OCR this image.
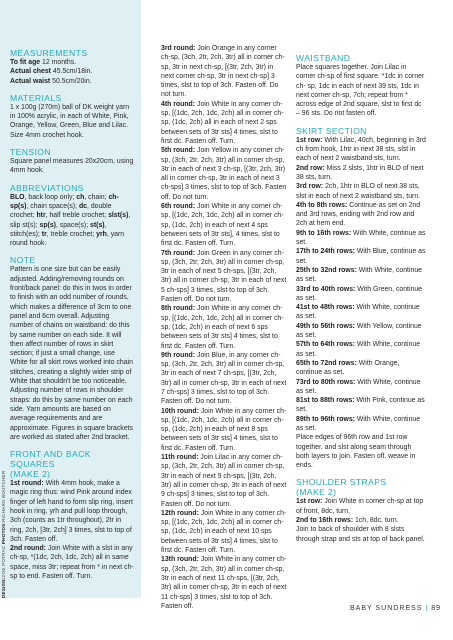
DESIGN:ZOE POTRAC PHOTOS:RICHARD BOUTCHER
MEASUREMENTS
To fit age 12 months.
Actual chest 45.5cm/18in.
Actual waist 50.5cm/20in.
MATERIALS
1 x 100g (270m) ball of DK weight yarn in 100% acrylic, in each of White, Pink, Orange, Yellow, Green, Blue and Lilac.
Size 4mm crochet hook.
TENSION
Square panel measures 20x20cm, using 4mm hook.
ABBREVIATIONS
BLO, back loop only; ch, chain; ch-sp(s), chain space(s); dc, double crochet; htr, half treble crochet; slst(s), slip st(s); sp(s), space(s); st(s), stitch(es); tr, treble crochet; yrh, yarn round hook.
NOTE
Pattern is one size but can be easily adjusted. Adding/removing rounds on front/back panel: do this in twos in order to finish with an odd number of rounds, which makes a difference of 3cm to one panel and 6cm overall. Adjusting number of chains on waistband: do this by same number on each side. It will then affect number of rows in skirt section; if just a small change, use White for all skirt rows worked into chain stitches, creating a slightly wider strip of White that shouldn't be too noticeable. Adjusting number of rows in shoulder straps: do this by same number on each side. Yarn amounts are based on average requirements and are approximate. Figures in square brackets are worked as stated after 2nd bracket.
FRONT AND BACK SQUARES
(MAKE 2)
1st round: With 4mm hook, make a magic ring thus: wind Pink around index finger of left hand to form slip ring, insert hook in ring, yrh and pull loop through, 3ch (counts as 1tr throughout), 2tr in ring, 2ch, [3tr, 2ch] 3 times, slst to top of 3ch. Fasten off.
2nd round: Join White with a slst in any ch-sp, *(1dc, 2ch, 1dc, 2ch) all in same space, miss 3tr; repeat from * in next ch-sp to end. Fasten off. Turn.
3rd round: Join Orange in any corner ch-sp, (3ch, 2tr, 2ch, 3tr) all in corner ch-sp, 3tr in next ch-sp, [(3tr, 2ch, 3tr) in next corner ch-sp, 3tr in next ch-sp] 3 times, slst to top of 3ch. Fasten off. Do not turn.
4th round: Join White in any corner ch-sp, [(1dc, 2ch, 1dc, 2ch) all in corner ch-sp, (1dc, 2ch) all in each of next 2 sps between sets of 3tr sts] 4 times, slst to first dc. Fasten off. Turn.
5th round: Join Yellow in any corner ch-sp, (3ch, 2tr, 2ch, 3tr) all in corner ch-sp, 3tr in each of next 3 ch-sp, [(3tr, 2ch, 3tr) all in corner ch-sp, 3tr in each of next 3 ch-sps] 3 times, slst to top of 3ch. Fasten off. Do not turn.
6th round: Join White in any corner ch-sp, [(1dc, 2ch, 1dc, 2ch) all in corner ch-sp, (1dc, 2ch) in each of next 4 sps between sets of 3tr sts], 4 times, slst to first dc. Fasten off. Turn.
7th round: Join Green in any corner ch-sp, (3ch, 2tr, 2ch, 3tr) all in corner ch-sp, 3tr in each of next 5 ch-sps, [(3tr, 2ch, 3tr) all in corner ch-sp, 3tr in each of next 5 ch-sps] 3 times, slst to top of 3ch. Fasten off. Do not turn.
8th round: Join White in any corner ch-sp, [(1dc, 2ch, 1dc, 2ch) all in corner ch-sp, (1dc, 2ch) in each of next 6 sps between sets of 3tr sts] 4 times, slst to first dc. Fasten off. Turn.
9th round: Join Blue, in any corner ch-sp, (3ch, 2tr, 2ch, 3tr) all in corner ch-sp, 3tr in each of next 7 ch-sps, [(3tr, 2ch, 3tr) all in corner ch-sp, 3tr in each of next 7 ch-sps] 3 times, slst to top of 3ch. Fasten off. Do not turn.
10th round: Join White in any corner ch-sp, [(1dc, 2ch, 1dc, 2ch) all in corner ch-sp, (1dc, 2ch) in each of next 8 sps between sets of 3tr sts] 4 times, slst to first dc. Fasten off. Turn.
11th round: Join Lilac in any corner ch-sp, (3ch, 2tr, 2ch, 3tr) all in corner ch-sp, 3tr in each of next 9 ch-sps, [(3tr, 2ch, 3tr) all in corner ch-sp, 3tr in each of next 9 ch-sps] 3 times, slst to top of 3ch. Fasten off. Do not turn.
12th round: Join White in any corner ch-sp, [(1dc, 2ch, 1dc, 2ch) all in corner ch-sp, (1dc, 2ch) in each of next 10 sps between sets of 3tr sts] 4 times, slst to first dc. Fasten off. Turn.
13th round: Join White in any corner ch-sp, (3ch, 2tr, 2ch, 3tr) all in corner ch-sp, 3tr in each of next 11 ch-sps, [(3tr, 2ch, 3tr) all in corner ch-sp, 3tr in each of next 11 ch-sps] 3 times, slst to top of 3ch. Fasten off.
WAISTBAND
Place squares together. Join Lilac in corner ch-sp of first square. *1dc in corner ch- sp, 1dc in each of next 39 sts, 1dc in next corner ch-sp, 7ch; repeat from * across edge of 2nd square, slst to first dc – 96 sts. Do not fasten off.
SKIRT SECTION
1st row: With Lilac, 40ch, beginning in 3rd ch from hook, 1htr in next 38 sts, slst in each of next 2 waistband sts, turn.
2nd row: Miss 2 slsts, 1htr in BLO of next 38 sts, turn.
3rd row: 2ch, 1htr in BLO of next 38 sts, slst in each of next 2 waistband sts, turn.
4th to 8th rows: Continue as set on 2nd and 3rd rows, ending with 2nd row and 2ch at hem end.
9th to 16th rows: With White, continue as set.
17th to 24th rows: With Blue, continue as set.
25th to 32nd rows: With White, continue as set.
33rd to 40th rows: With Green, continue as set.
41st to 48th rows: With White, continue as set.
49th to 56th rows: With Yellow, continue as set.
57th to 64th rows: With White, continue as set.
65th to 72nd rows: With Orange, continue as set.
73rd to 80th rows: With White, continue as set.
81st to 88th rows: With Pink, continue as set.
89th to 96th rows: With White, continue as set.
Place edges of 96th row and 1st row together, and slst along seam through both layers to join. Fasten off, weave in ends.
SHOULDER STRAPS
(MAKE 2)
1st row: Join White in corner ch-sp at top of front, 8dc, turn.
2nd to 16th rows: 1ch, 8dc, turn.
Join to back of shoulder with 8 slsts through strap and sts at top of back panel.
BABY SUNDRESS | 89
